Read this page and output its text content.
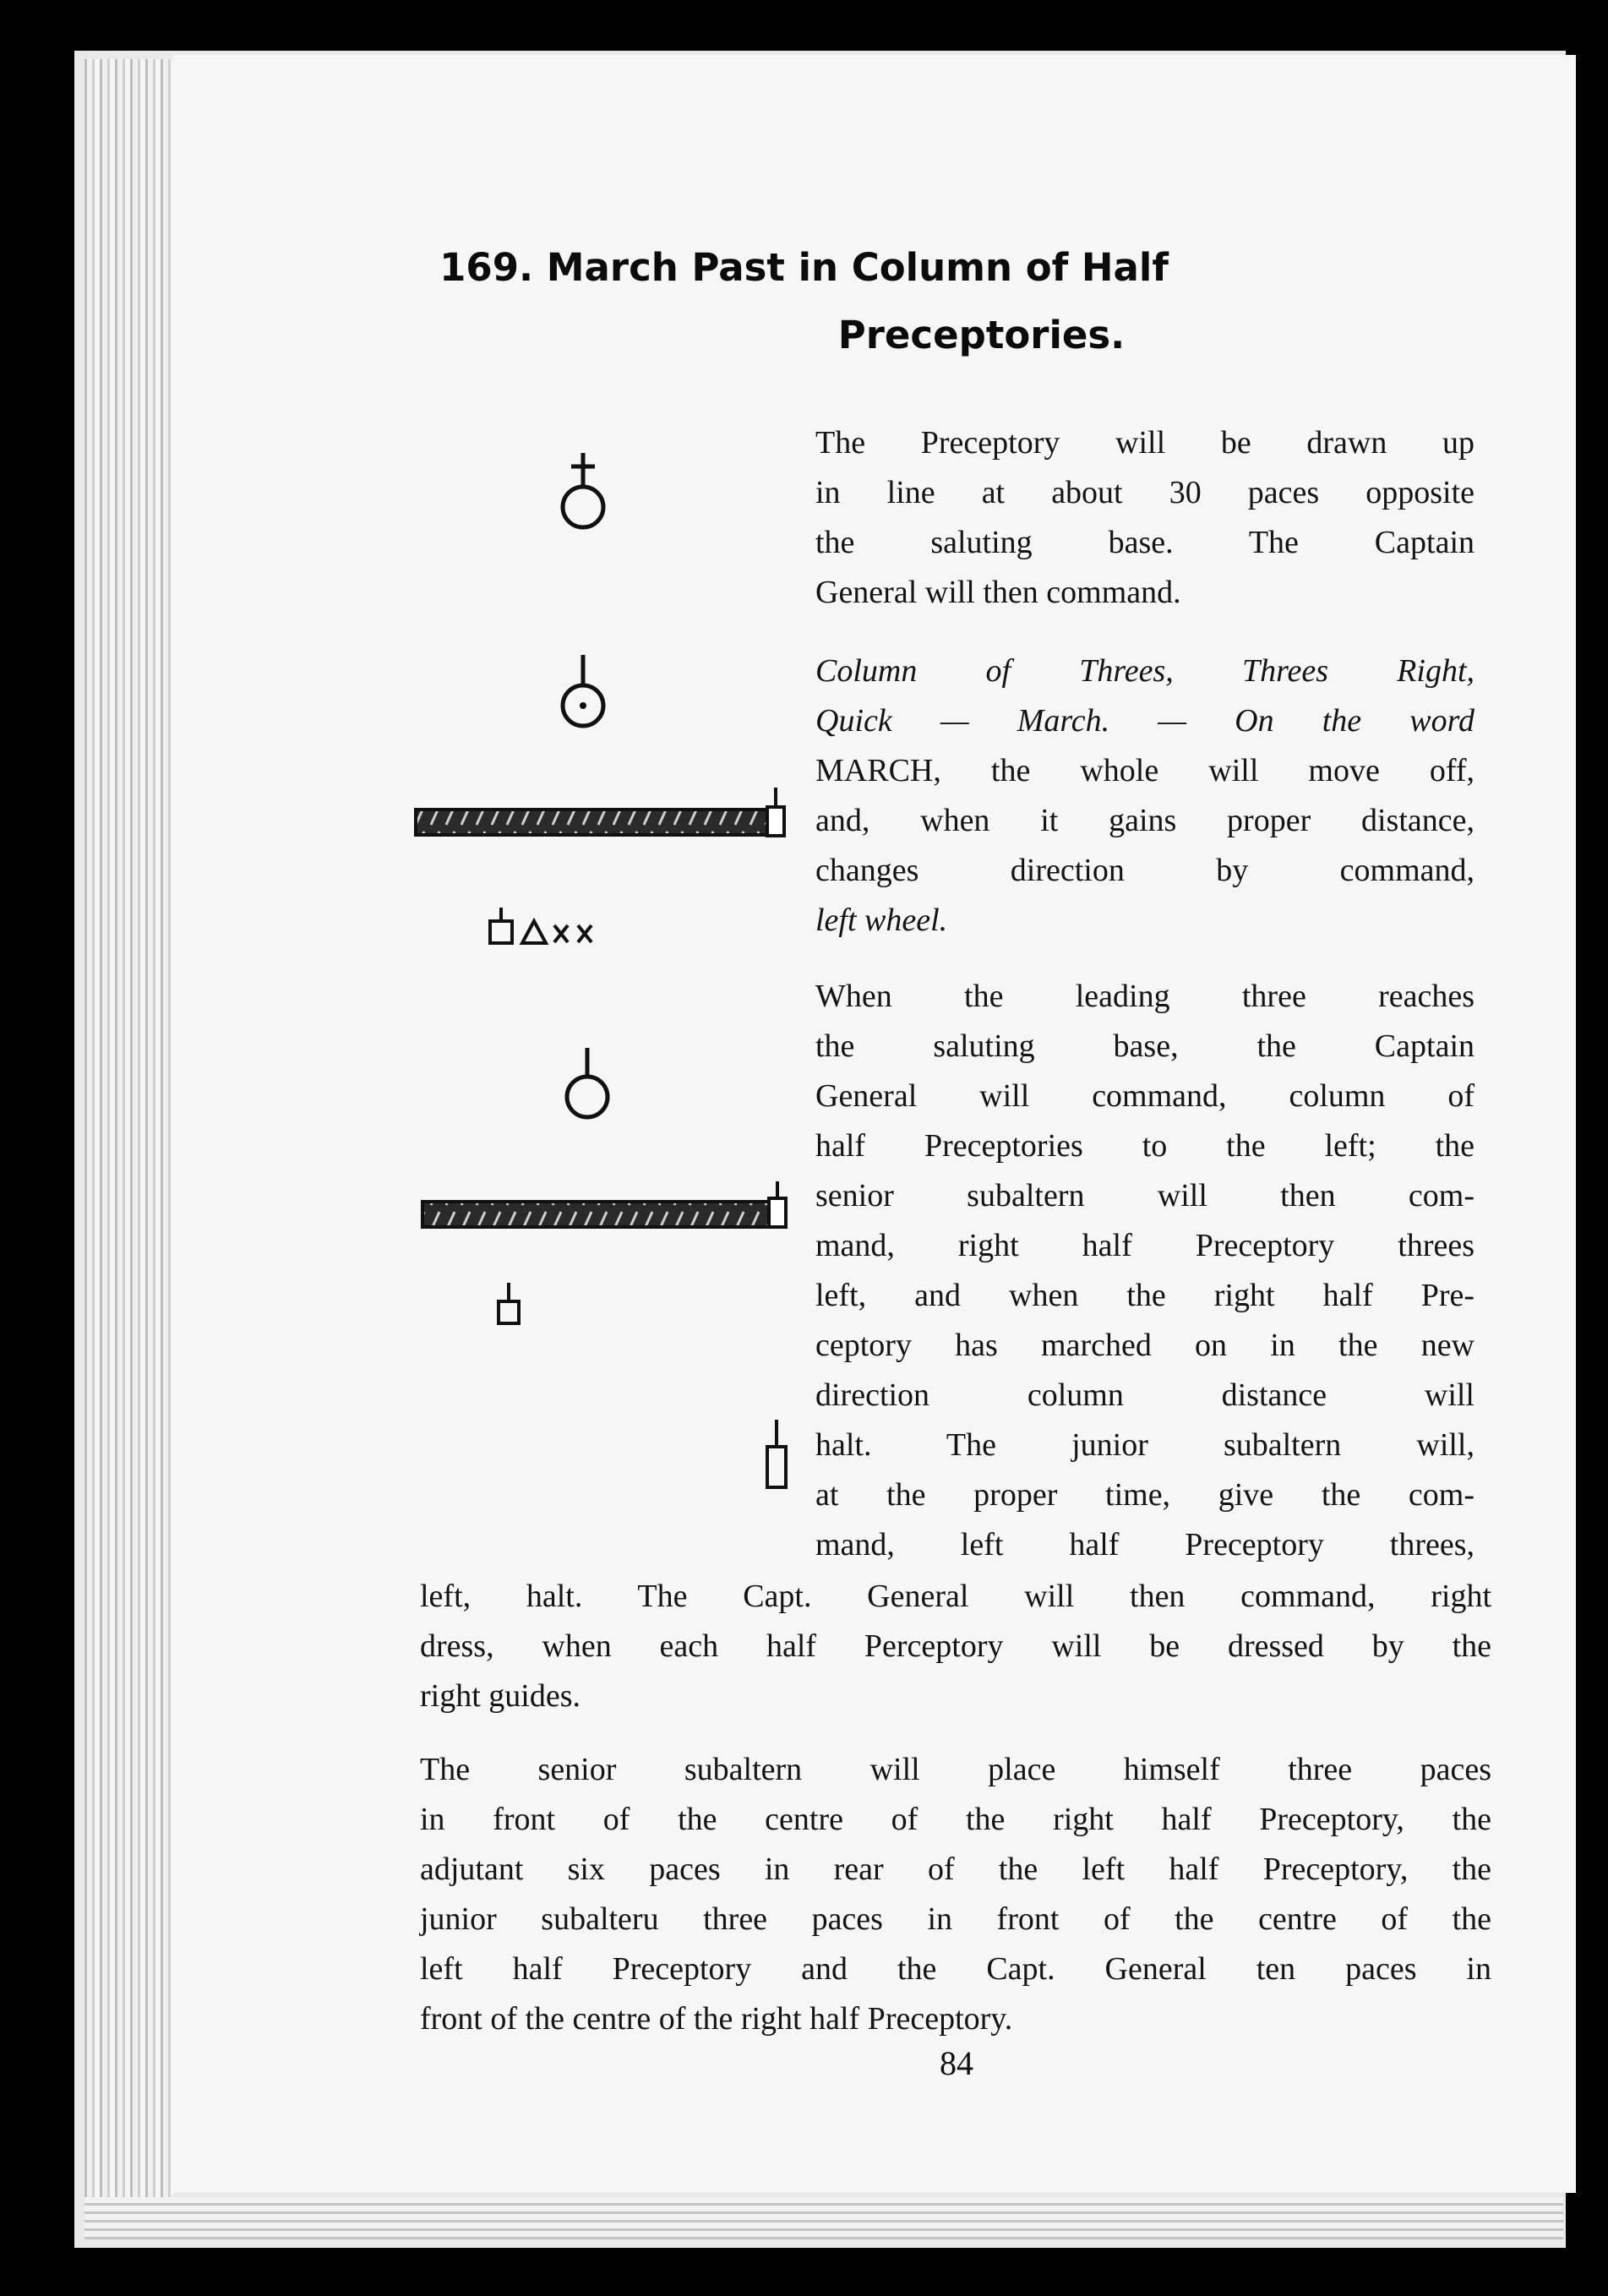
169. March Past in Column of Half
Preceptories.
The Preceptory will be drawn up
in line at about 30 paces opposite
the saluting base. The Captain
General will then command.
Column of Threes, Threes Right,
Quick — March. — On the word
MARCH, the whole will move off,
and, when it gains proper distance,
changes direction by command,
left wheel.
When the leading three reaches
the saluting base, the Captain
General will command, column of
half Preceptories to the left; the
senior subaltern will then com-
mand, right half Preceptory threes
left, and when the right half Pre-
ceptory has marched on in the new
direction column distance will
halt. The junior subaltern will,
at the proper time, give the com-
mand, left half Preceptory threes,
left, halt. The Capt. General will then command, right
dress, when each half Perceptory will be dressed by the
right guides.
The senior subaltern will place himself three paces
in front of the centre of the right half Preceptory, the
adjutant six paces in rear of the left half Preceptory, the
junior subalteru three paces in front of the centre of the
left half Preceptory and the Capt. General ten paces in
front of the centre of the right half Preceptory.
84
